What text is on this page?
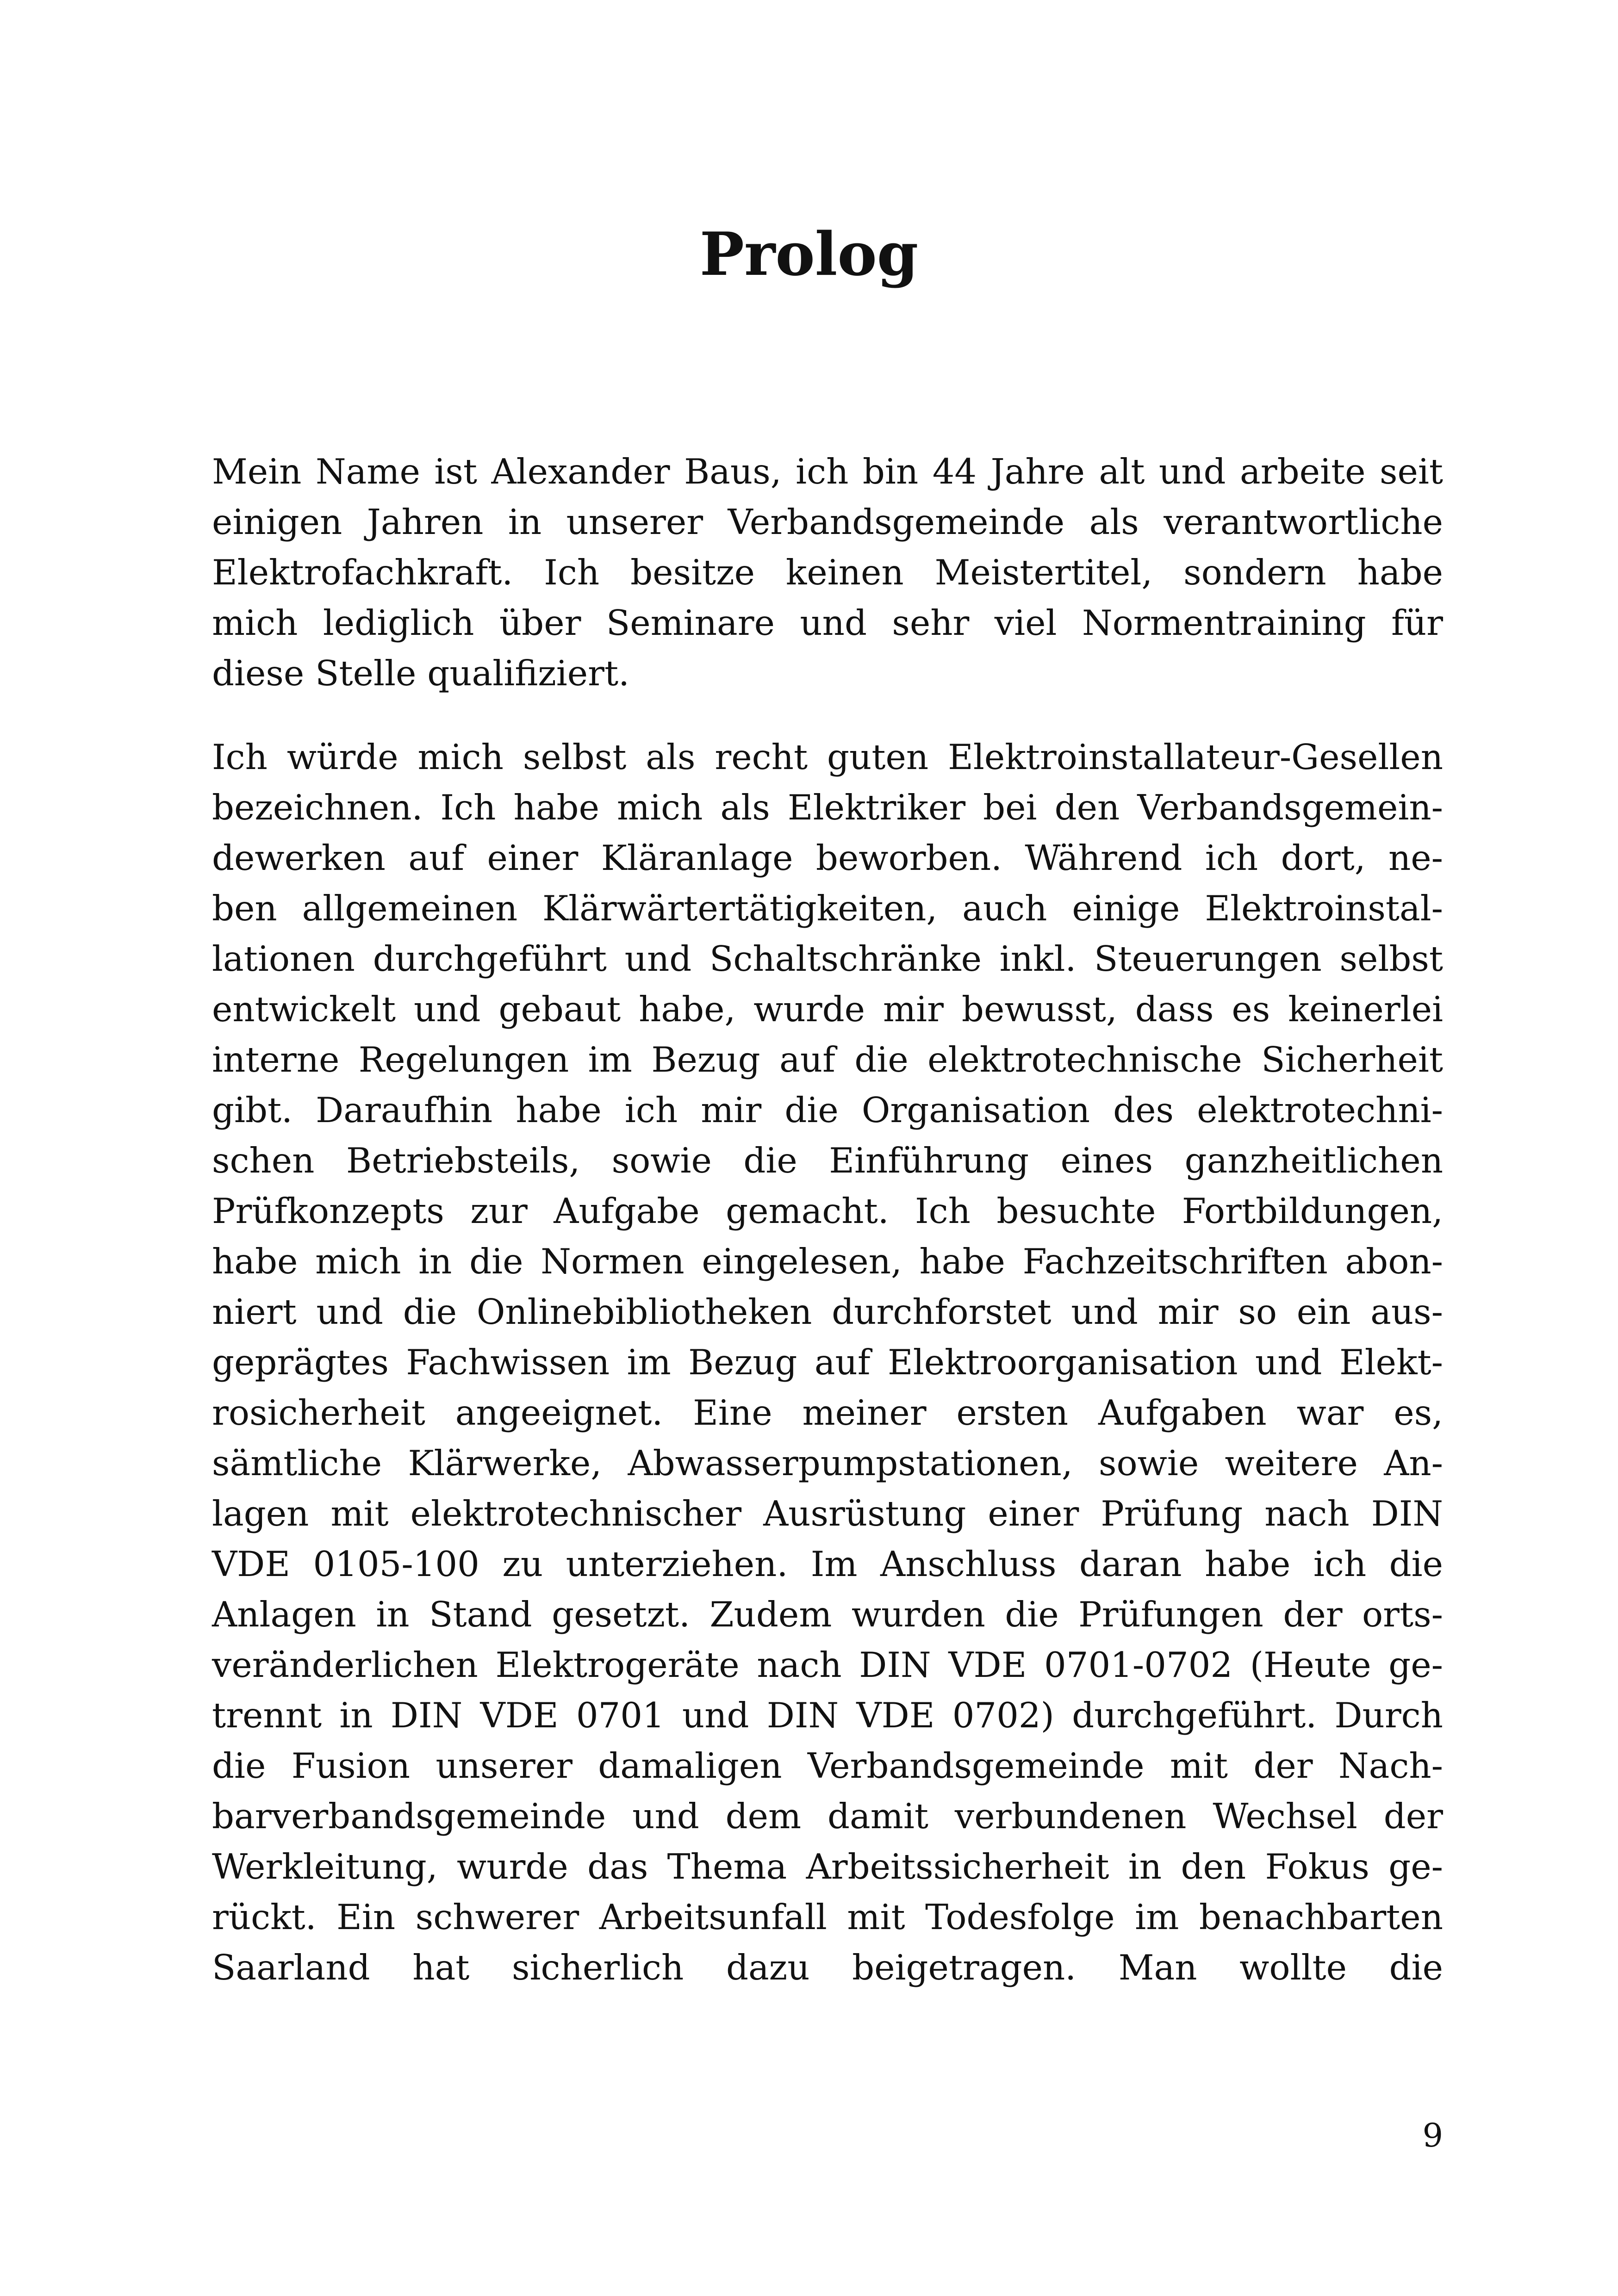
Prolog

Mein Name ist Alexander Baus, ich bin 44 Jahre alt und arbeite seit
einigen Jahren in unserer Verbandsgemeinde als verantwortliche
Elektrofachkraft. Ich besitze keinen Meistertitel, sondern habe
mich lediglich über Seminare und sehr viel Normentraining für
diese Stelle qualifiziert.

Ich würde mich selbst als recht guten Elektroinstallateur-Gesellen
bezeichnen. Ich habe mich als Elektriker bei den Verbandsgemein-
dewerken auf einer Kläranlage beworben. Während ich dort, ne-
ben allgemeinen Klärwärtertätigkeiten, auch einige Elektroinstal-
lationen durchgeführt und Schaltschränke inkl. Steuerungen selbst
entwickelt und gebaut habe, wurde mir bewusst, dass es keinerlei
interne Regelungen im Bezug auf die elektrotechnische Sicherheit
gibt. Daraufhin habe ich mir die Organisation des elektrotechni-
schen Betriebsteils, sowie die Einführung eines ganzheitlichen
Prüfkonzepts zur Aufgabe gemacht. Ich besuchte Fortbildungen,
habe mich in die Normen eingelesen, habe Fachzeitschriften abon-
niert und die Onlinebibliotheken durchforstet und mir so ein aus-
geprägtes Fachwissen im Bezug auf Elektroorganisation und Elekt-
rosicherheit angeeignet. Eine meiner ersten Aufgaben war es,
sämtliche Klärwerke, Abwasserpumpstationen, sowie weitere An-
lagen mit elektrotechnischer Ausrüstung einer Prüfung nach DIN
VDE 0105-100 zu unterziehen. Im Anschluss daran habe ich die
Anlagen in Stand gesetzt. Zudem wurden die Prüfungen der orts-
veränderlichen Elektrogeräte nach DIN VDE 0701-0702 (Heute ge-
trennt in DIN VDE 0701 und DIN VDE 0702) durchgeführt. Durch
die Fusion unserer damaligen Verbandsgemeinde mit der Nach-
barverbandsgemeinde und dem damit verbundenen Wechsel der
Werkleitung, wurde das Thema Arbeitssicherheit in den Fokus ge-
rückt. Ein schwerer Arbeitsunfall mit Todesfolge im benachbarten
Saarland hat sicherlich dazu beigetragen. Man wollte die

9
